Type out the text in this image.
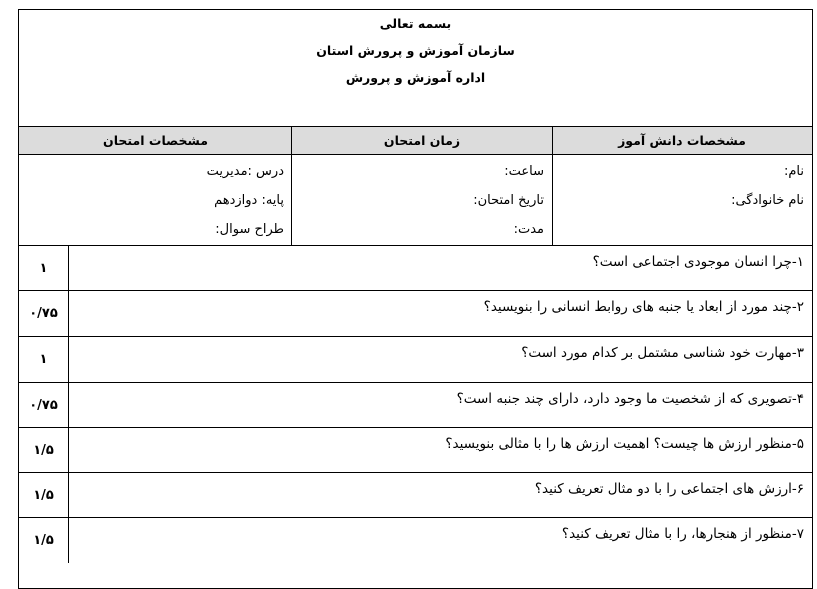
بسمه تعالی
سازمان آموزش و پرورش استان
اداره آموزش و پرورش
مشخصات دانش آموز
زمان امتحان
مشخصات امتحان
نام:
نام خانوادگی:
ساعت:
تاریخ امتحان:
مدت:
درس :مدیریت
پایه: دوازدهم
طراح سوال:
۱-چرا انسان موجودی اجتماعی است؟
۱
۲-چند مورد از ابعاد یا جنبه های روابط انسانی را بنویسید؟
۰/۷۵
۳-مهارت خود شناسی مشتمل بر کدام مورد است؟
۱
۴-تصویری که از شخصیت ما وجود دارد، دارای چند جنبه است؟
۰/۷۵
۵-منظور ارزش ها چیست؟ اهمیت ارزش ها را با مثالی بنویسید؟
۱/۵
۶-ارزش های اجتماعی را با دو مثال تعریف کنید؟
۱/۵
۷-منظور از هنجارها، را با مثال تعریف کنید؟
۱/۵
